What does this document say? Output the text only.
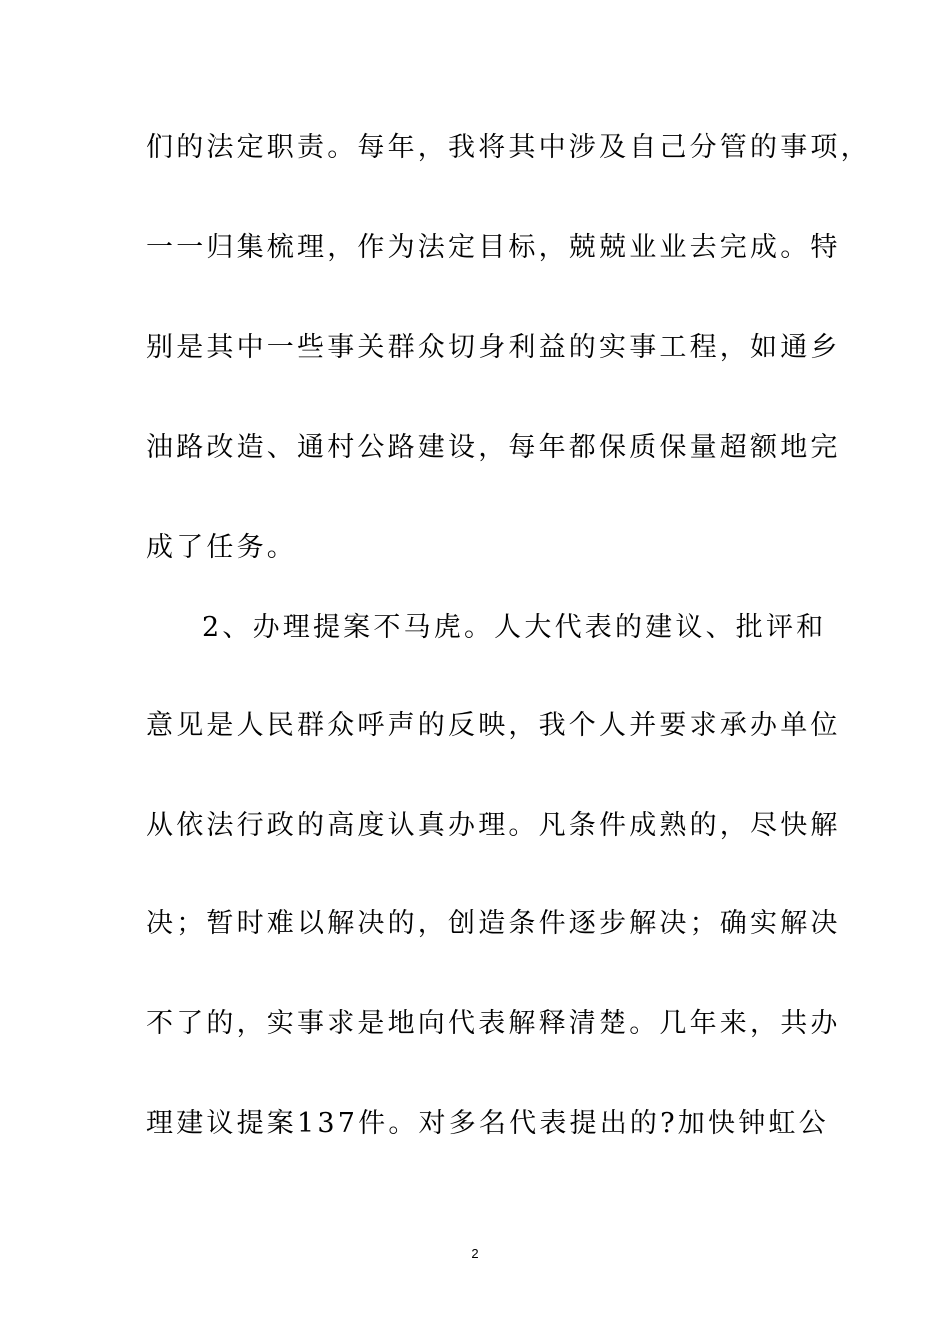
们的法定职责。每年，我将其中涉及自己分管的事项，
一一归集梳理，作为法定目标，兢兢业业去完成。特
别是其中一些事关群众切身利益的实事工程，如通乡
油路改造、通村公路建设，每年都保质保量超额地完
成了任务。
2、办理提案不马虎。人大代表的建议、批评和
意见是人民群众呼声的反映，我个人并要求承办单位
从依法行政的高度认真办理。凡条件成熟的，尽快解
决；暂时难以解决的，创造条件逐步解决；确实解决
不了的，实事求是地向代表解释清楚。几年来，共办
理建议提案137件。对多名代表提出的?加快钟虹公
2
